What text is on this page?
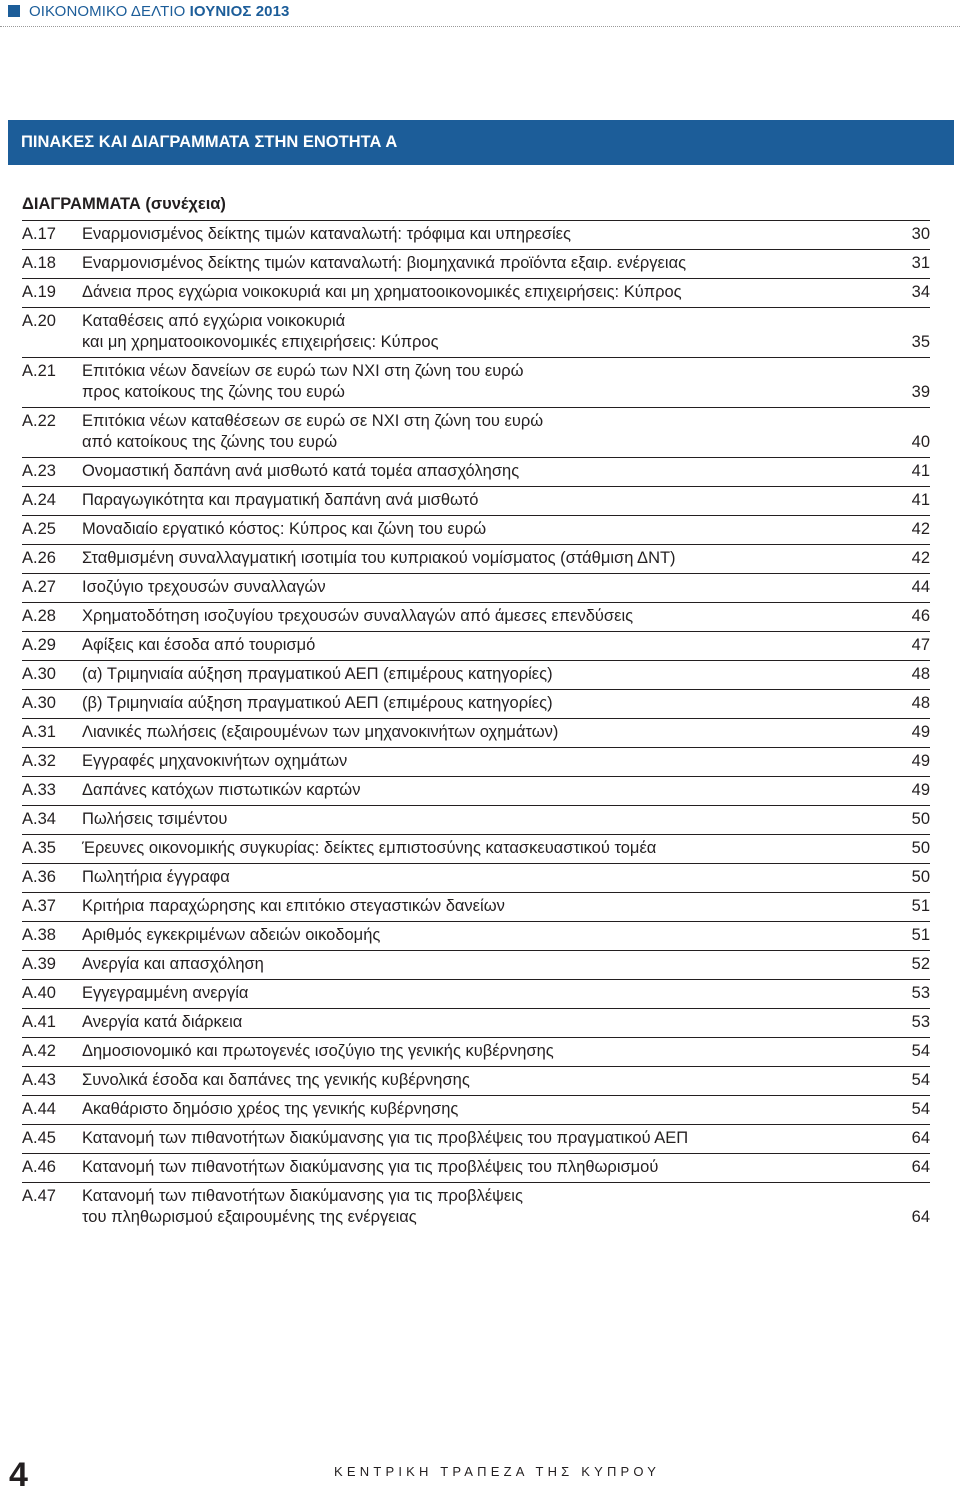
ΟΙΚΟΝΟΜΙΚΟ ΔΕΛΤΙΟ ΙΟΥΝΙΟΣ 2013
ΠΙΝΑΚΕΣ ΚΑΙ ΔΙΑΓΡΑΜΜΑΤΑ ΣΤΗΝ ΕΝΟΤΗΤΑ Α
ΔΙΑΓΡΑΜΜΑΤΑ (συνέχεια)
Α.17	Εναρμονισμένος δείκτης τιμών καταναλωτή: τρόφιμα και υπηρεσίες	30
Α.18	Εναρμονισμένος δείκτης τιμών καταναλωτή: βιομηχανικά προϊόντα εξαιρ. ενέργειας	31
Α.19	Δάνεια προς εγχώρια νοικοκυριά και μη χρηματοοικονομικές επιχειρήσεις: Κύπρος	34
Α.20	Καταθέσεις από εγχώρια νοικοκυριά
και μη χρηματοοικονομικές επιχειρήσεις: Κύπρος	35
Α.21	Επιτόκια νέων δανείων σε ευρώ των ΝΧΙ στη ζώνη του ευρώ
προς κατοίκους της ζώνης του ευρώ	39
Α.22	Επιτόκια νέων καταθέσεων σε ευρώ σε ΝΧΙ στη ζώνη του ευρώ
από κατοίκους της ζώνης του ευρώ	40
Α.23	Ονομαστική δαπάνη ανά μισθωτό κατά τομέα απασχόλησης	41
Α.24	Παραγωγικότητα και πραγματική δαπάνη ανά μισθωτό	41
Α.25	Μοναδιαίο εργατικό κόστος: Κύπρος και ζώνη του ευρώ	42
Α.26	Σταθμισμένη συναλλαγματική ισοτιμία του κυπριακού νομίσματος (στάθμιση ΔΝΤ)	42
Α.27	Ισοζύγιο τρεχουσών συναλλαγών	44
Α.28	Χρηματοδότηση ισοζυγίου τρεχουσών συναλλαγών από άμεσες επενδύσεις	46
Α.29	Αφίξεις και έσοδα από τουρισμό	47
Α.30	(α) Τριμηνιαία αύξηση πραγματικού ΑΕΠ (επιμέρους κατηγορίες)	48
Α.30	(β) Τριμηνιαία αύξηση πραγματικού ΑΕΠ (επιμέρους κατηγορίες)	48
Α.31	Λιανικές πωλήσεις (εξαιρουμένων των μηχανοκινήτων οχημάτων)	49
Α.32	Εγγραφές μηχανοκινήτων οχημάτων	49
Α.33	Δαπάνες κατόχων πιστωτικών καρτών	49
Α.34	Πωλήσεις τσιμέντου	50
Α.35	Έρευνες οικονομικής συγκυρίας: δείκτες εμπιστοσύνης κατασκευαστικού τομέα	50
Α.36	Πωλητήρια έγγραφα	50
Α.37	Κριτήρια παραχώρησης και επιτόκιο στεγαστικών δανείων	51
Α.38	Αριθμός εγκεκριμένων αδειών οικοδομής	51
Α.39	Ανεργία και απασχόληση	52
Α.40	Εγγεγραμμένη ανεργία	53
Α.41	Ανεργία κατά διάρκεια	53
Α.42	Δημοσιονομικό και πρωτογενές ισοζύγιο της γενικής κυβέρνησης	54
Α.43	Συνολικά έσοδα και δαπάνες της γενικής κυβέρνησης	54
Α.44	Ακαθάριστο δημόσιο χρέος της γενικής κυβέρνησης	54
Α.45	Κατανομή των πιθανοτήτων διακύμανσης για τις προβλέψεις του πραγματικού ΑΕΠ	64
Α.46	Κατανομή των πιθανοτήτων διακύμανσης για τις προβλέψεις του πληθωρισμού	64
Α.47	Κατανομή των πιθανοτήτων διακύμανσης για τις προβλέψεις
του πληθωρισμού εξαιρουμένης της ενέργειας	64
4	ΚΕΝΤΡΙΚΗ ΤΡΑΠΕΖΑ ΤΗΣ ΚΥΠΡΟΥ
